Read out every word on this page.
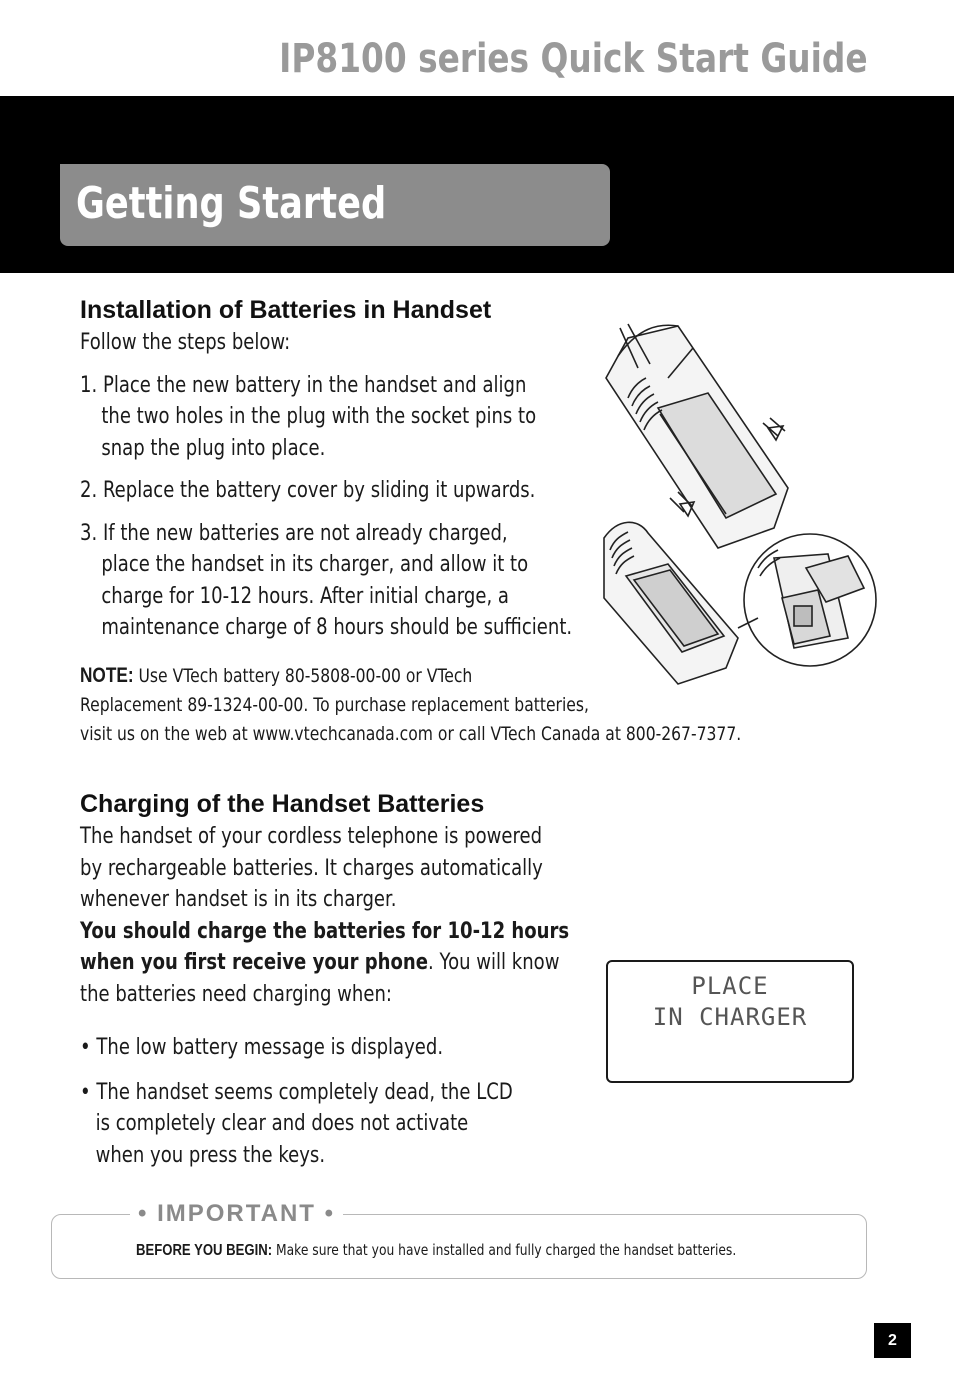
IP8100 series Quick Start Guide
Getting Started
Installation of Batteries in Handset
Follow the steps below:
1. Place the new battery in the handset and align
the two holes in the plug with the socket pins to
snap the plug into place.
2. Replace the battery cover by sliding it upwards.
3. If the new batteries are not already charged,
place the handset in its charger, and allow it to
charge for 10-12 hours. After initial charge, a
maintenance charge of 8 hours should be sufficient.
NOTE: Use VTech battery 80-5808-00-00 or VTech
Replacement 89-1324-00-00. To purchase replacement batteries,
visit us on the web at www.vtechcanada.com or call VTech Canada at 800-267-7377.
Charging of the Handset Batteries
The handset of your cordless telephone is powered
by rechargeable batteries. It charges automatically
whenever handset is in its charger.
You should charge the batteries for 10-12 hours
when you first receive your phone. You will know
the batteries need charging when:
• The low battery message is displayed.
• The handset seems completely dead, the LCD
is completely clear and does not activate
when you press the keys.
PLACE
IN CHARGER
• IMPORTANT •
BEFORE YOU BEGIN: Make sure that you have installed and fully charged the handset batteries.
2
